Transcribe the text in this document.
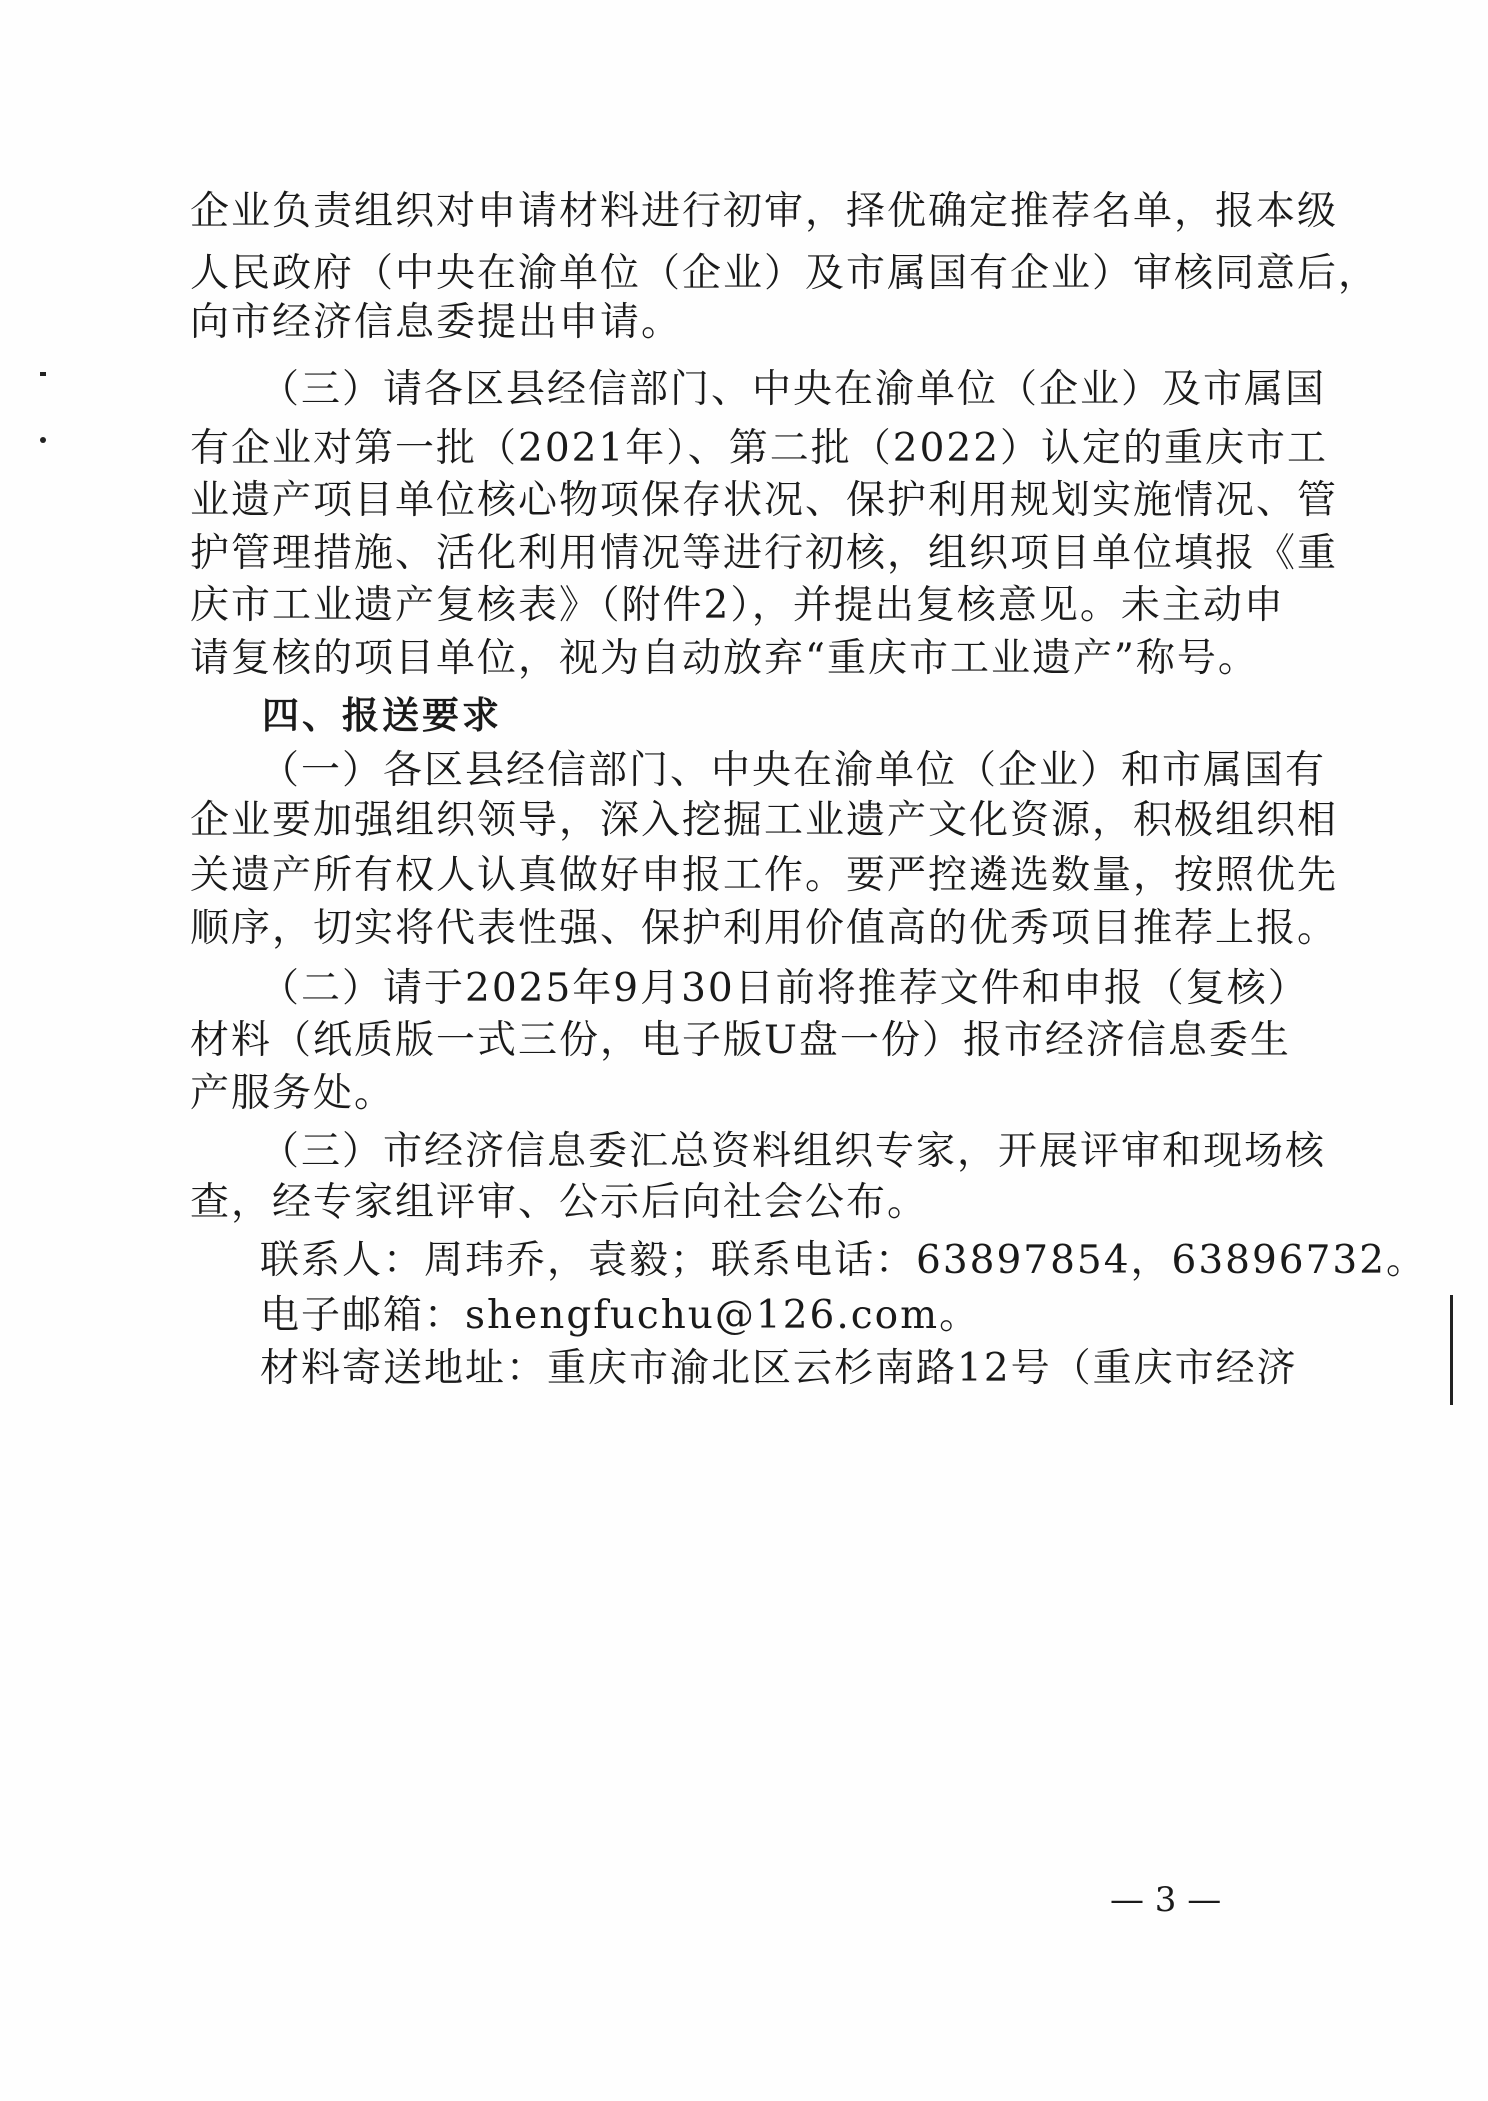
企业负责组织对申请材料进行初审，择优确定推荐名单，报本级
人民政府（中央在渝单位（企业）及市属国有企业）审核同意后，
向市经济信息委提出申请。
（三）请各区县经信部门、中央在渝单位（企业）及市属国
有企业对第一批（2021年）、第二批（2022）认定的重庆市工
业遗产项目单位核心物项保存状况、保护利用规划实施情况、管
护管理措施、活化利用情况等进行初核，组织项目单位填报《重
庆市工业遗产复核表》（附件2），并提出复核意见。未主动申
请复核的项目单位，视为自动放弃“重庆市工业遗产”称号。
四、报送要求
（一）各区县经信部门、中央在渝单位（企业）和市属国有
企业要加强组织领导，深入挖掘工业遗产文化资源，积极组织相
关遗产所有权人认真做好申报工作。要严控遴选数量，按照优先
顺序，切实将代表性强、保护利用价值高的优秀项目推荐上报。
（二）请于2025年9月30日前将推荐文件和申报（复核）
材料（纸质版一式三份，电子版U盘一份）报市经济信息委生
产服务处。
（三）市经济信息委汇总资料组织专家，开展评审和现场核
查，经专家组评审、公示后向社会公布。
联系人：周玮乔，袁毅；联系电话：63897854，63896732。
电子邮箱：shengfuchu@126.com。
材料寄送地址：重庆市渝北区云杉南路12号（重庆市经济
— 3 —
